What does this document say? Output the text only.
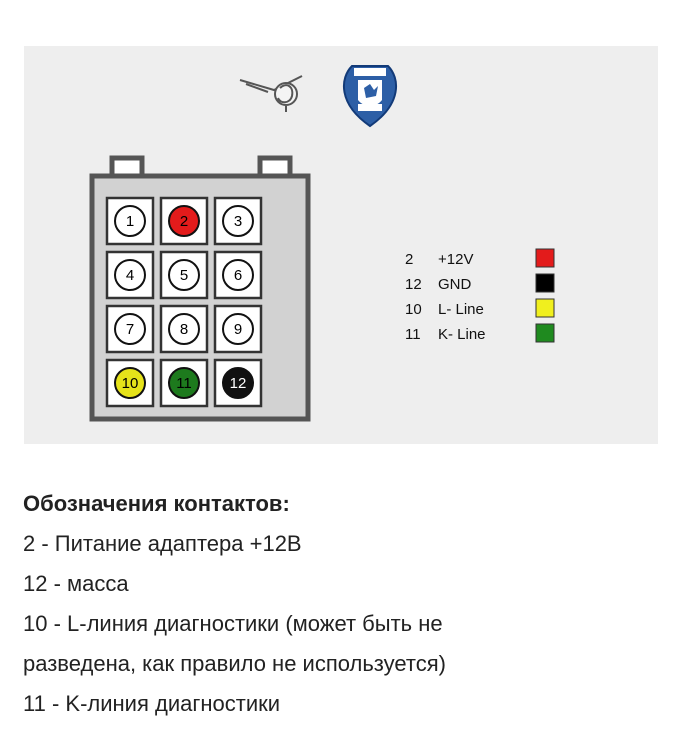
1	2	3
4	5	6
7	8	9
10	11	12
2 +12V
12 GND
10 L- Line
11 K- Line
Обозначения контактов:
2 - Питание адаптера +12В
12 - масса
10 - L-линия диагностики (может быть не
разведена, как правило не используется)
11 - K-линия диагностики
